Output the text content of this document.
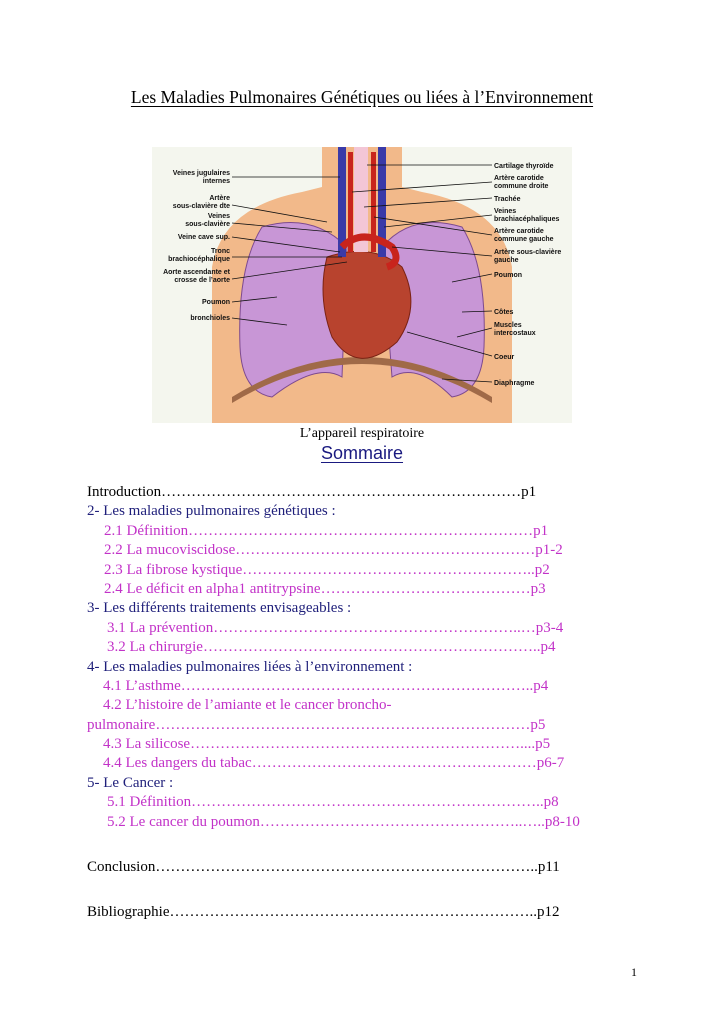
Les Maladies Pulmonaires Génétiques ou liées à l’Environnement
Veines jugulaires
internes
Artère
sous-clavière dte
Veines
sous-clavière
Veine cave sup.
Tronc
brachiocéphalique
Aorte ascendante et
crosse de l’aorte
Poumon
bronchioles
Cartilage thyroïde
Artère carotide
commune droite
Trachée
Veines
brachiacéphaliques
Artère carotide
commune gauche
Artère sous-clavière
gauche
Poumon
Côtes
Muscles
intercostaux
Coeur
Diaphragme
L’appareil respiratoire
Sommaire
Introduction………………………………………………………………p1
2- Les maladies pulmonaires génétiques :
2.1 Définition……………………………………………………………p1
2.2 La mucoviscidose……………………………………………………p1-2
2.3 La fibrose kystique…………………………………………………..p2
2.4 Le déficit en alpha1 antitrypsine……………………………………p3
3- Les différents traitements envisageables :
3.1 La prévention……………………………………………………..…p3-4
3.2 La chirurgie…………………………………………………………..p4
4- Les maladies pulmonaires liées à l’environnement :
4.1 L’asthme……………………………………………………………..p4
4.2 L’histoire de l’amiante et le cancer broncho-
pulmonaire…………………………………………………………………p5
4.3 La silicose…………………………………………………………....p5
4.4 Les dangers du tabac…………………………………………………p6-7
5- Le Cancer :
5.1 Définition……………………………………………………………..p8
5.2 Le cancer du poumon……………………………………………..…..p8-10
Conclusion…………………………………………………………………..p11
Bibliographie………………………………………………………………..p12
1
